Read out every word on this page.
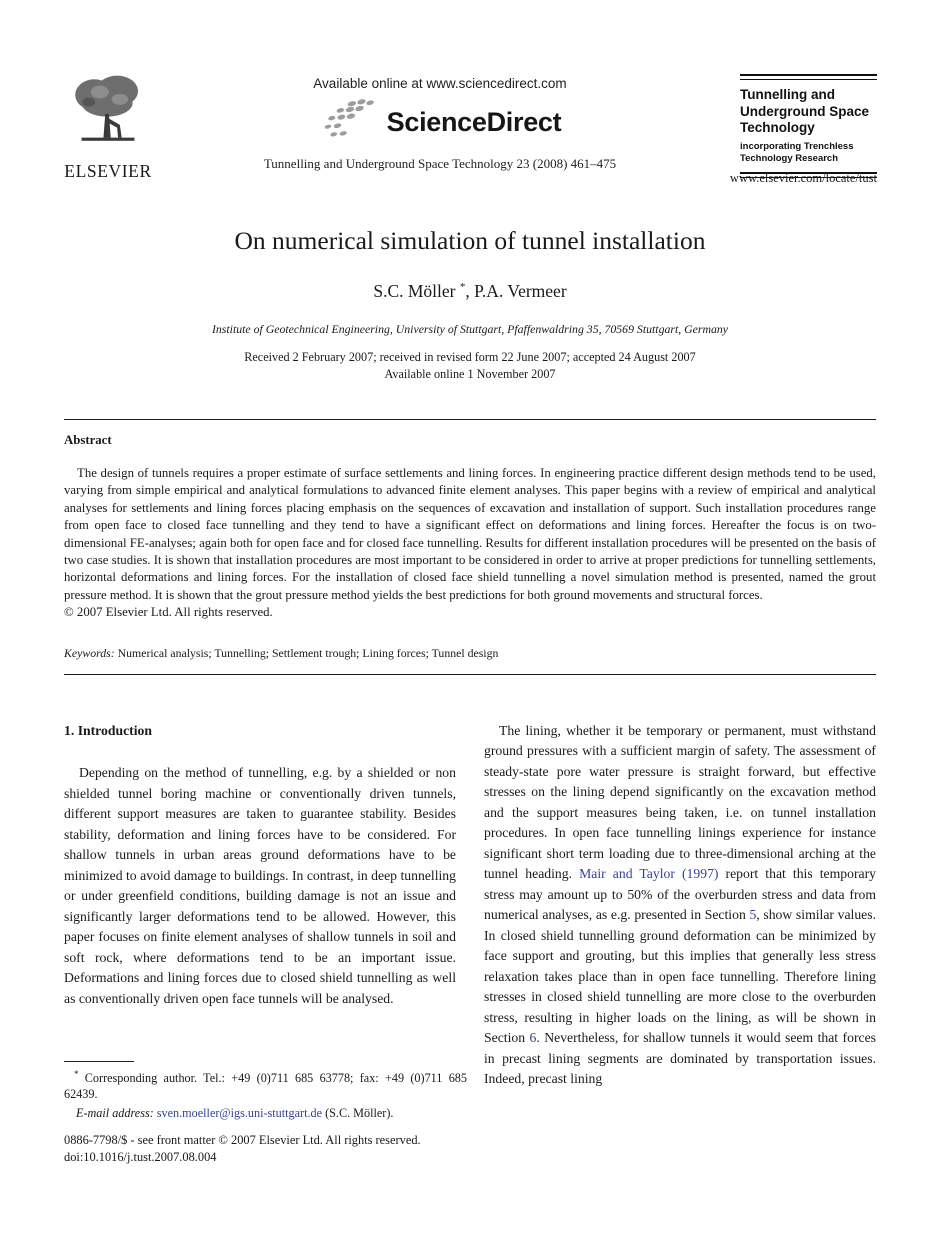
ELSEVIER
Available online at www.sciencedirect.com
ScienceDirect
Tunnelling and Underground Space Technology 23 (2008) 461–475
Tunnelling and
Underground Space
Technology
incorporating Trenchless
Technology Research
www.elsevier.com/locate/tust
On numerical simulation of tunnel installation
S.C. Möller *, P.A. Vermeer
Institute of Geotechnical Engineering, University of Stuttgart, Pfaffenwaldring 35, 70569 Stuttgart, Germany
Received 2 February 2007; received in revised form 22 June 2007; accepted 24 August 2007
Available online 1 November 2007
Abstract
The design of tunnels requires a proper estimate of surface settlements and lining forces. In engineering practice different design methods tend to be used, varying from simple empirical and analytical formulations to advanced finite element analyses. This paper begins with a review of empirical and analytical analyses for settlements and lining forces placing emphasis on the sequences of excavation and installation of support. Such installation procedures range from open face to closed face tunnelling and they tend to have a significant effect on deformations and lining forces. Hereafter the focus is on two-dimensional FE-analyses; again both for open face and for closed face tunnelling. Results for different installation procedures will be presented on the basis of two case studies. It is shown that installation procedures are most important to be considered in order to arrive at proper predictions for tunnelling settlements, horizontal deformations and lining forces. For the installation of closed face shield tunnelling a novel simulation method is presented, named the grout pressure method. It is shown that the grout pressure method yields the best predictions for both ground movements and structural forces.
© 2007 Elsevier Ltd. All rights reserved.
Keywords: Numerical analysis; Tunnelling; Settlement trough; Lining forces; Tunnel design
1. Introduction

Depending on the method of tunnelling, e.g. by a shielded or non shielded tunnel boring machine or conventionally driven tunnels, different support measures are taken to guarantee stability. Besides stability, deformation and lining forces have to be considered. For shallow tunnels in urban areas ground deformations have to be minimized to avoid damage to buildings. In contrast, in deep tunnelling or under greenfield conditions, building damage is not an issue and significantly larger deformations tend to be allowed. However, this paper focuses on finite element analyses of shallow tunnels in soil and soft rock, where deformations tend to be an important issue. Deformations and lining forces due to closed shield tunnelling as well as conventionally driven open face tunnels will be analysed.

The lining, whether it be temporary or permanent, must withstand ground pressures with a sufficient margin of safety. The assessment of steady-state pore water pressure is straight forward, but effective stresses on the lining depend significantly on the excavation method and the support measures being taken, i.e. on tunnel installation procedures. In open face tunnelling linings experience for instance significant short term loading due to three-dimensional arching at the tunnel heading. Mair and Taylor (1997) report that this temporary stress may amount up to 50% of the overburden stress and data from numerical analyses, as e.g. presented in Section 5, show similar values. In closed shield tunnelling ground deformation can be minimized by face support and grouting, but this implies that generally less stress relaxation takes place than in open face tunnelling. Therefore lining stresses in closed shield tunnelling are more close to the overburden stress, resulting in higher loads on the lining, as will be shown in Section 6. Nevertheless, for shallow tunnels it would seem that forces in precast lining segments are dominated by transportation issues. Indeed, precast lining

* Corresponding author. Tel.: +49 (0)711 685 63778; fax: +49 (0)711 685 62439.
E-mail address: sven.moeller@igs.uni-stuttgart.de (S.C. Möller).
0886-7798/$ - see front matter © 2007 Elsevier Ltd. All rights reserved.
doi:10.1016/j.tust.2007.08.004
